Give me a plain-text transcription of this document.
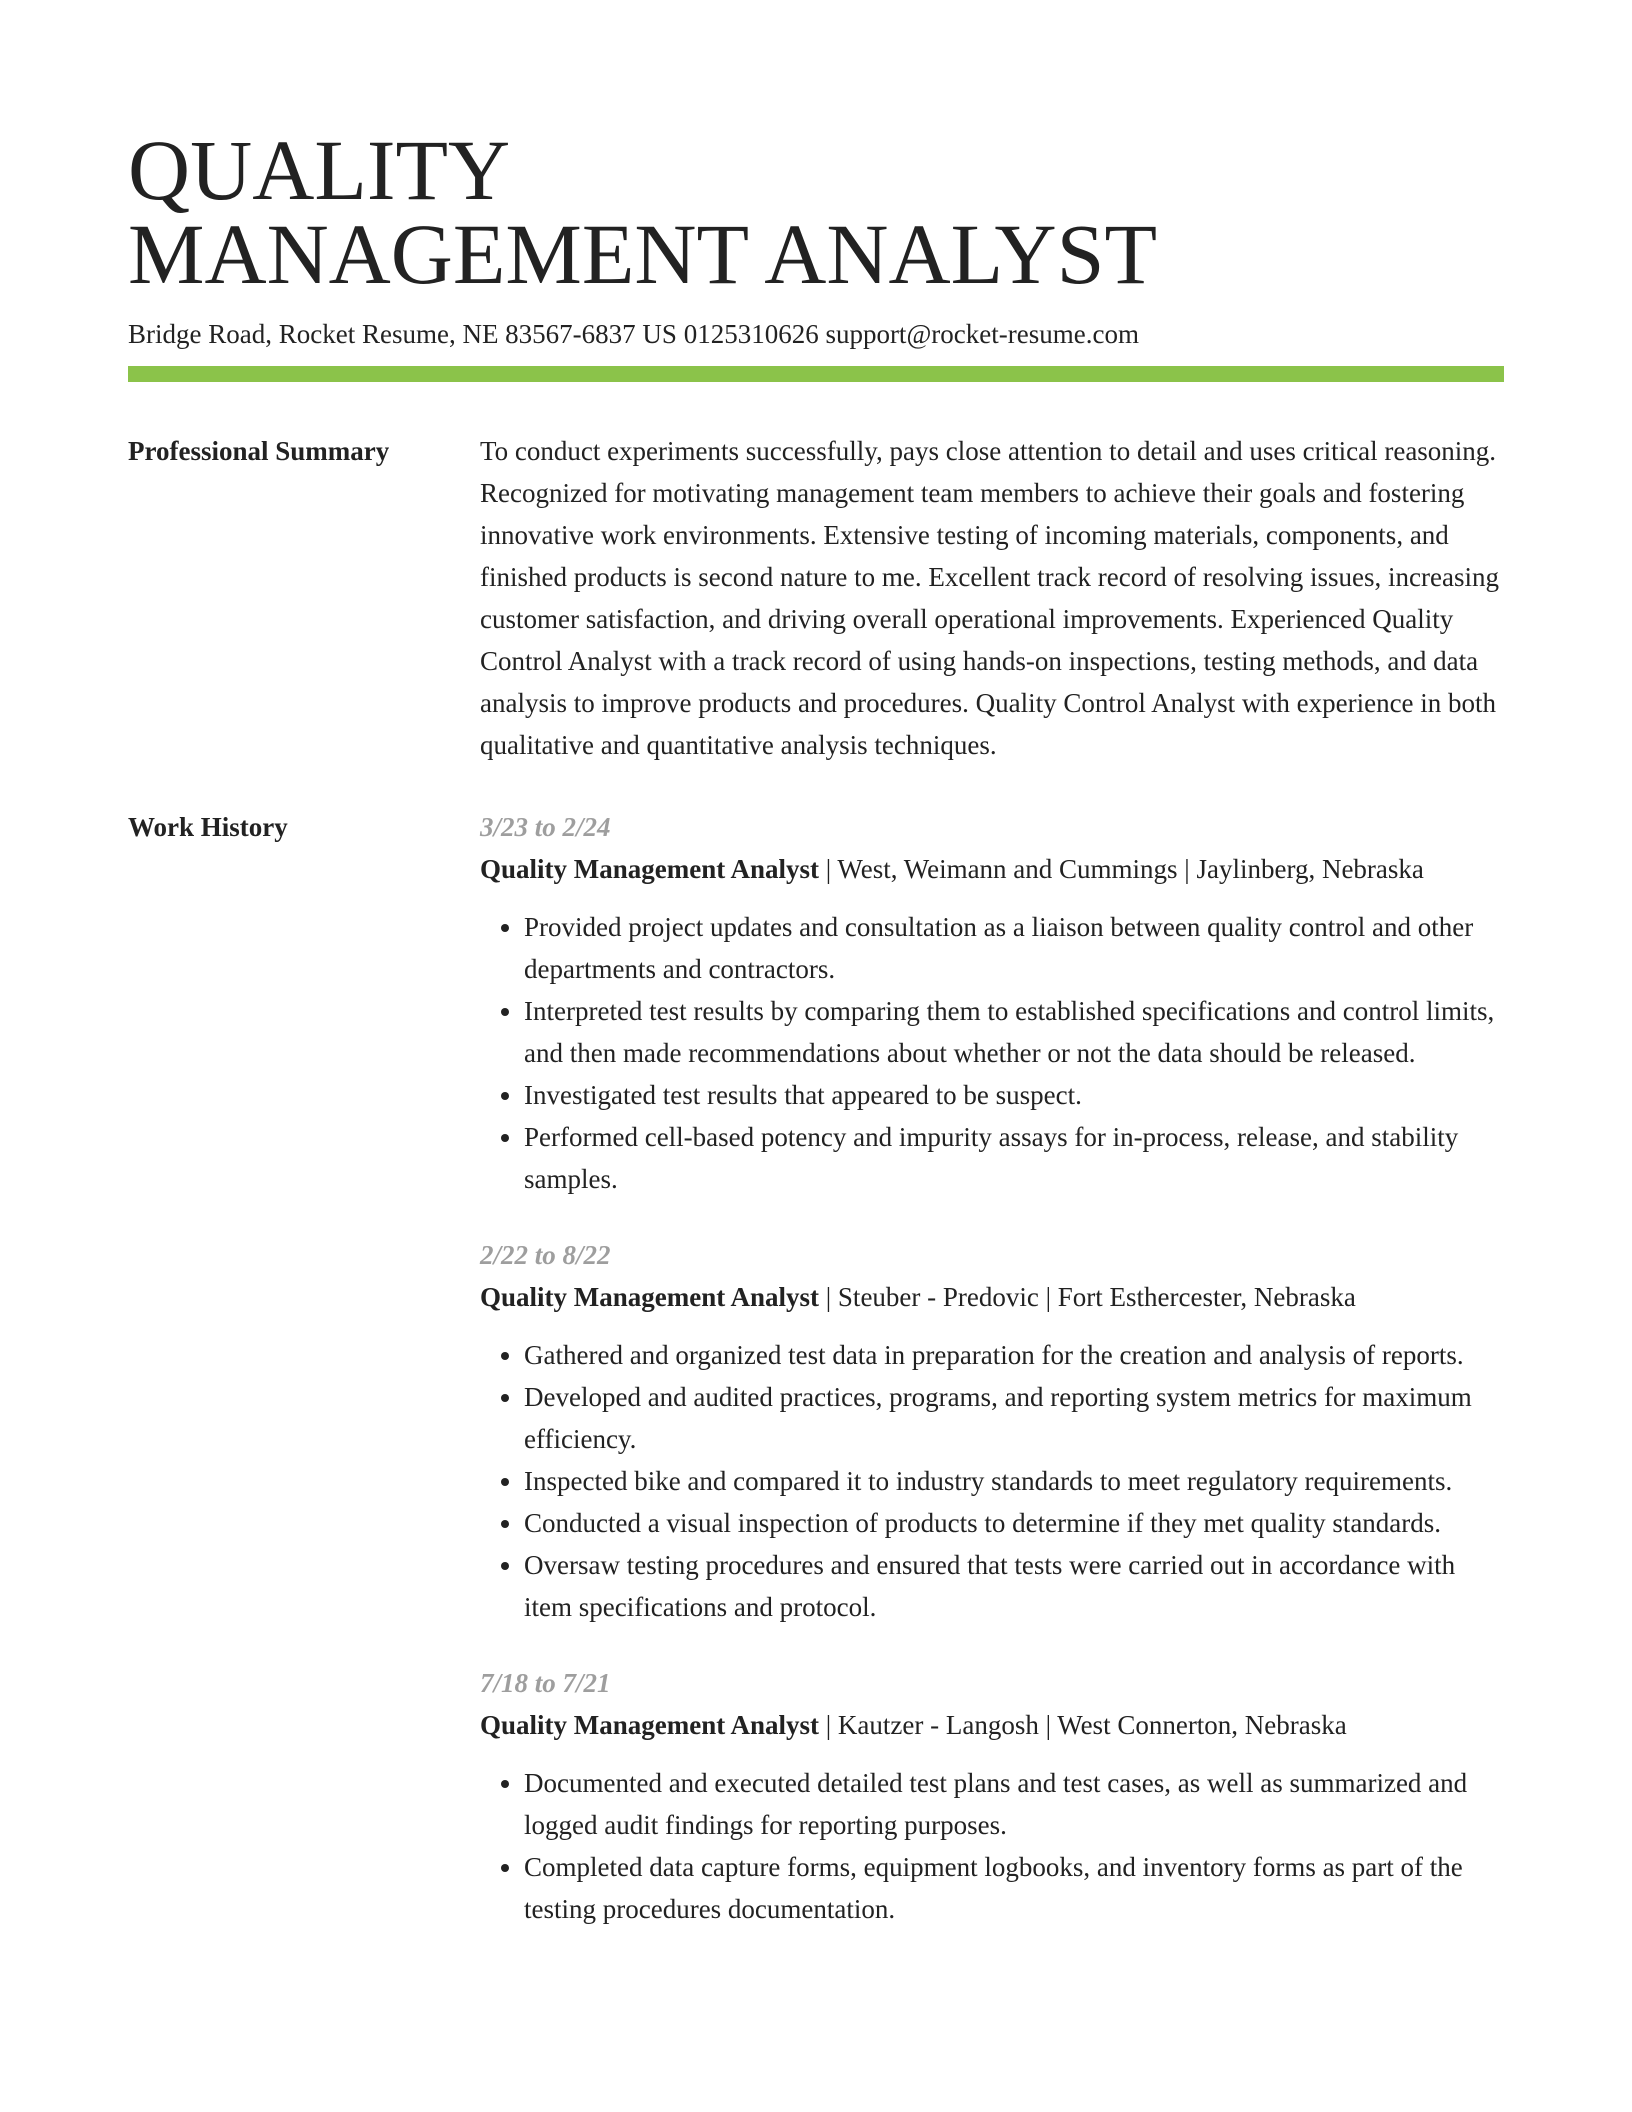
QUALITY
MANAGEMENT ANALYST
Bridge Road, Rocket Resume, NE 83567-6837 US 0125310626 support@rocket-resume.com
Professional Summary	To conduct experiments successfully, pays close attention to detail and uses critical reasoning. Recognized for motivating management team members to achieve their goals and fostering innovative work environments. Extensive testing of incoming materials, components, and finished products is second nature to me. Excellent track record of resolving issues, increasing customer satisfaction, and driving overall operational improvements. Experienced Quality Control Analyst with a track record of using hands-on inspections, testing methods, and data analysis to improve products and procedures. Quality Control Analyst with experience in both qualitative and quantitative analysis techniques.

Work History	3/23 to 2/24
Quality Management Analyst | West, Weimann and Cummings | Jaylinberg, Nebraska
• Provided project updates and consultation as a liaison between quality control and other departments and contractors.
• Interpreted test results by comparing them to established specifications and control limits, and then made recommendations about whether or not the data should be released.
• Investigated test results that appeared to be suspect.
• Performed cell-based potency and impurity assays for in-process, release, and stability samples.
2/22 to 8/22
Quality Management Analyst | Steuber - Predovic | Fort Esthercester, Nebraska
• Gathered and organized test data in preparation for the creation and analysis of reports.
• Developed and audited practices, programs, and reporting system metrics for maximum efficiency.
• Inspected bike and compared it to industry standards to meet regulatory requirements.
• Conducted a visual inspection of products to determine if they met quality standards.
• Oversaw testing procedures and ensured that tests were carried out in accordance with item specifications and protocol.
7/18 to 7/21
Quality Management Analyst | Kautzer - Langosh | West Connerton, Nebraska
• Documented and executed detailed test plans and test cases, as well as summarized and logged audit findings for reporting purposes.
• Completed data capture forms, equipment logbooks, and inventory forms as part of the testing procedures documentation.
